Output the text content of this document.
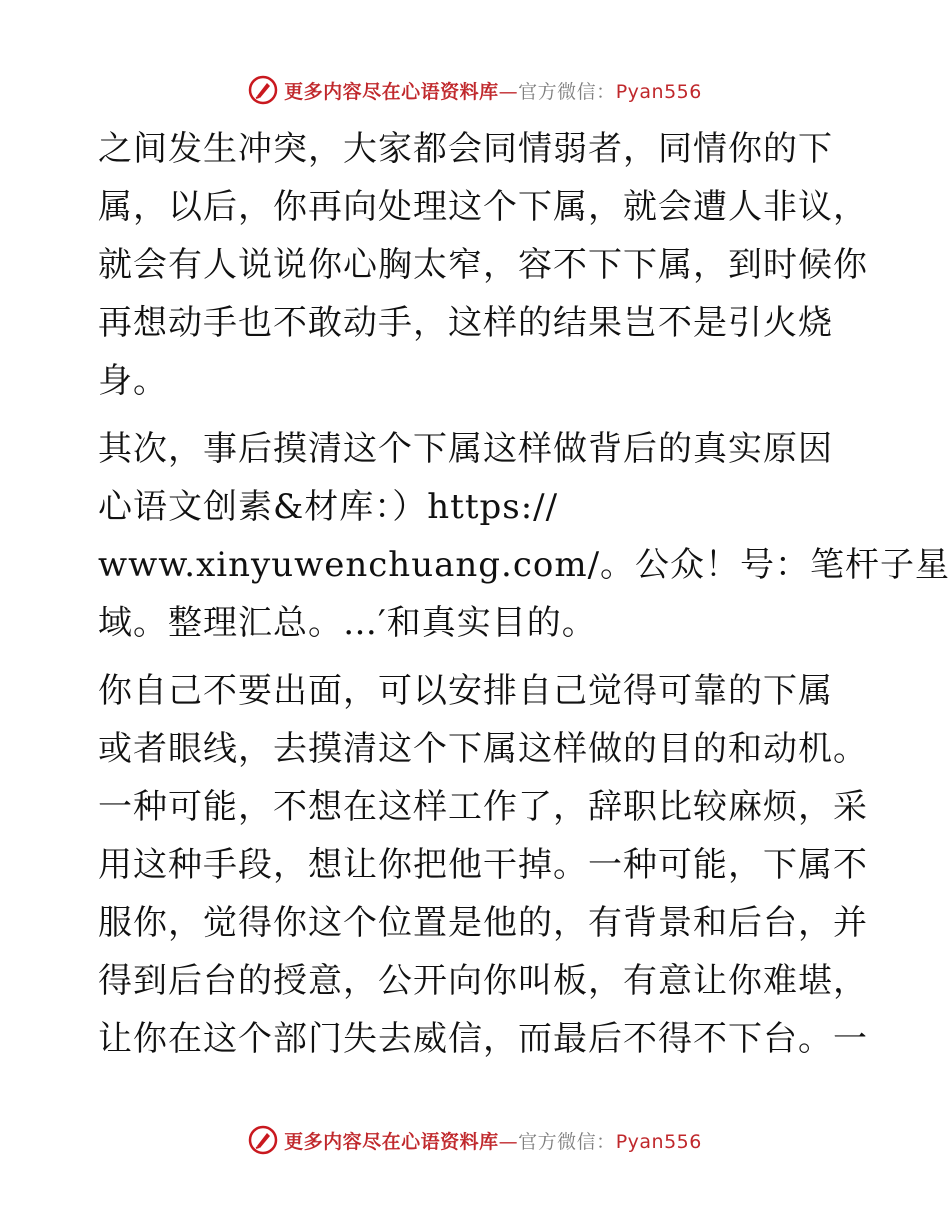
更多内容尽在心语资料库—官方微信：Pyan556

之间发生冲突，大家都会同情弱者，同情你的下
属，以后，你再向处理这个下属，就会遭人非议，
就会有人说说你心胸太窄，容不下下属，到时候你
再想动手也不敢动手，这样的结果岂不是引火烧
身。

其次，事后摸清这个下属这样做背后的真实原因
心语文创素&材库：）https://
www.xinyuwenchuang.com/。公众！号：笔杆子星
域。整理汇总。…′和真实目的。

你自己不要出面，可以安排自己觉得可靠的下属
或者眼线，去摸清这个下属这样做的目的和动机。
一种可能，不想在这样工作了，辞职比较麻烦，采
用这种手段，想让你把他干掉。一种可能，下属不
服你，觉得你这个位置是他的，有背景和后台，并
得到后台的授意，公开向你叫板，有意让你难堪，
让你在这个部门失去威信，而最后不得不下台。一

更多内容尽在心语资料库—官方微信：Pyan556
